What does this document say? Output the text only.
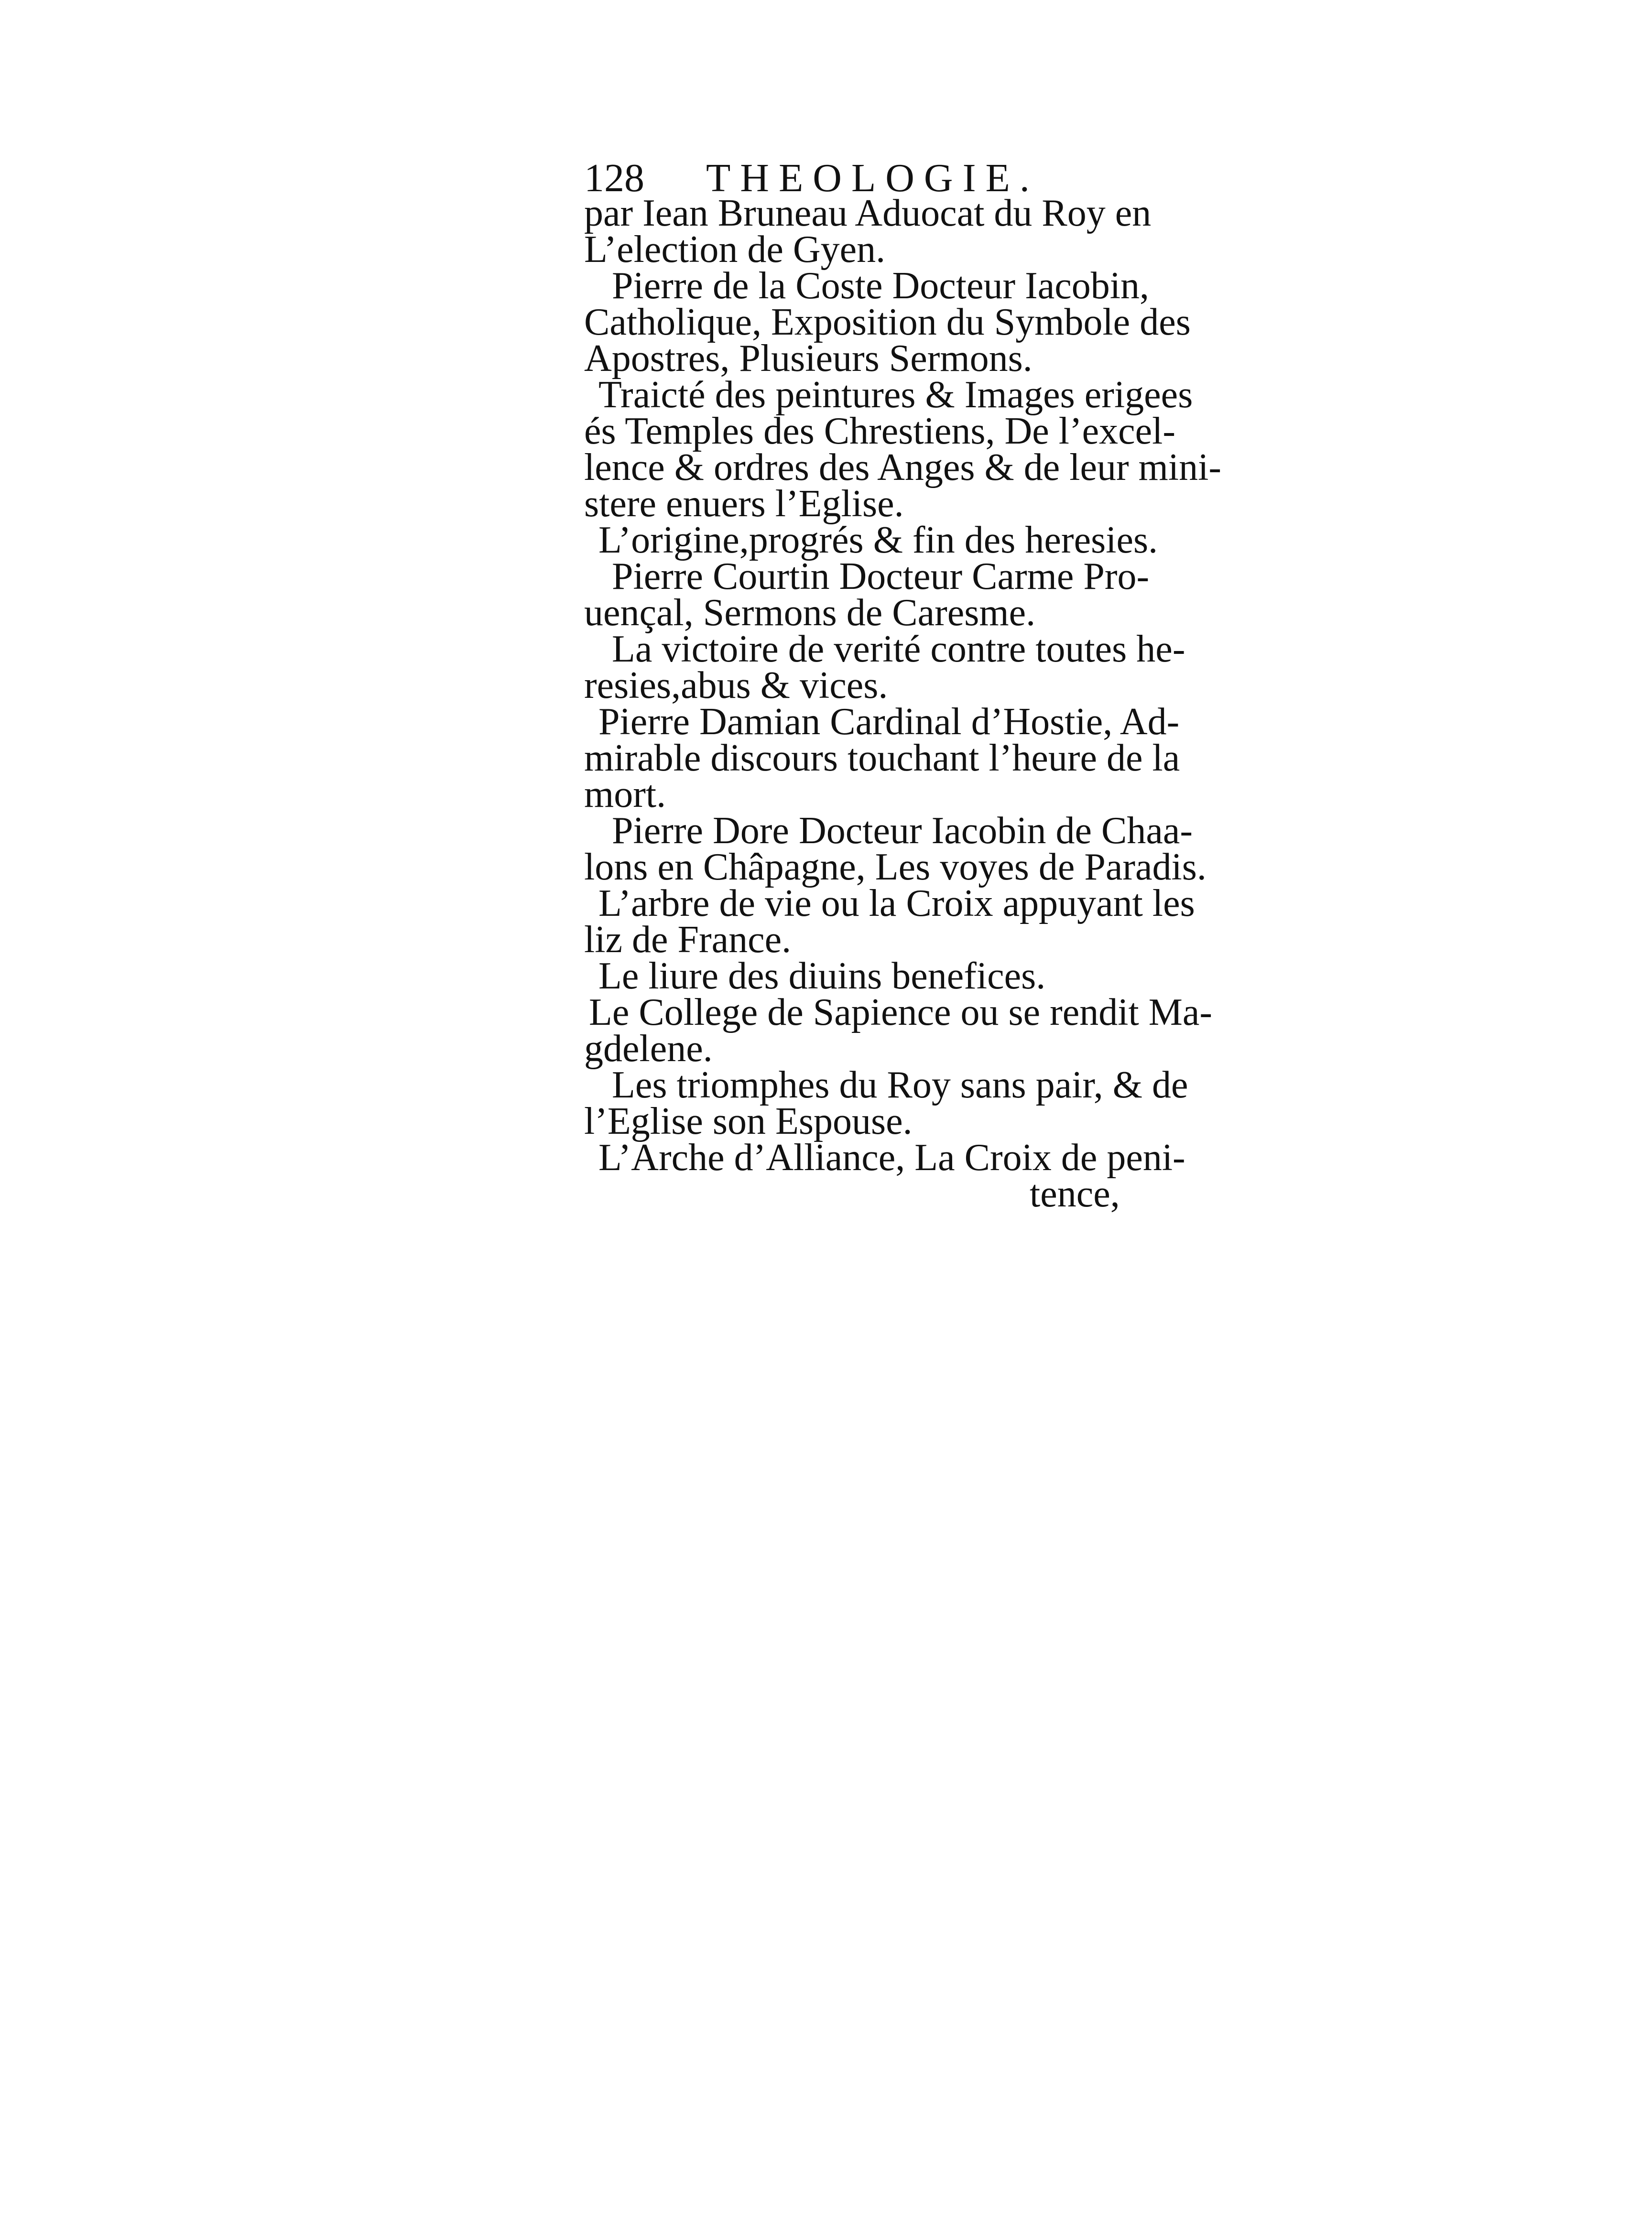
128 THEOLOGIE.
par Iean Bruneau Aduocat du Roy en
L’election de Gyen.
Pierre de la Coste Docteur Iacobin,
Catholique, Exposition du Symbole des
Apostres, Plusieurs Sermons.
Traicté des peintures & Images erigees
és Temples des Chrestiens, De l’excel-
lence & ordres des Anges & de leur mini-
stere enuers l’Eglise.
L’origine,progrés & fin des heresies.
Pierre Courtin Docteur Carme Pro-
uençal, Sermons de Caresme.
La victoire de verité contre toutes he-
resies,abus & vices.
Pierre Damian Cardinal d’Hostie, Ad-
mirable discours touchant l’heure de la
mort.
Pierre Dore Docteur Iacobin de Chaa-
lons en Châpagne, Les voyes de Paradis.
L’arbre de vie ou la Croix appuyant les
liz de France.
Le liure des diuins benefices.
Le College de Sapience ou se rendit Ma-
gdelene.
Les triomphes du Roy sans pair, & de
l’Eglise son Espouse.
L’Arche d’Alliance, La Croix de peni-
tence,
